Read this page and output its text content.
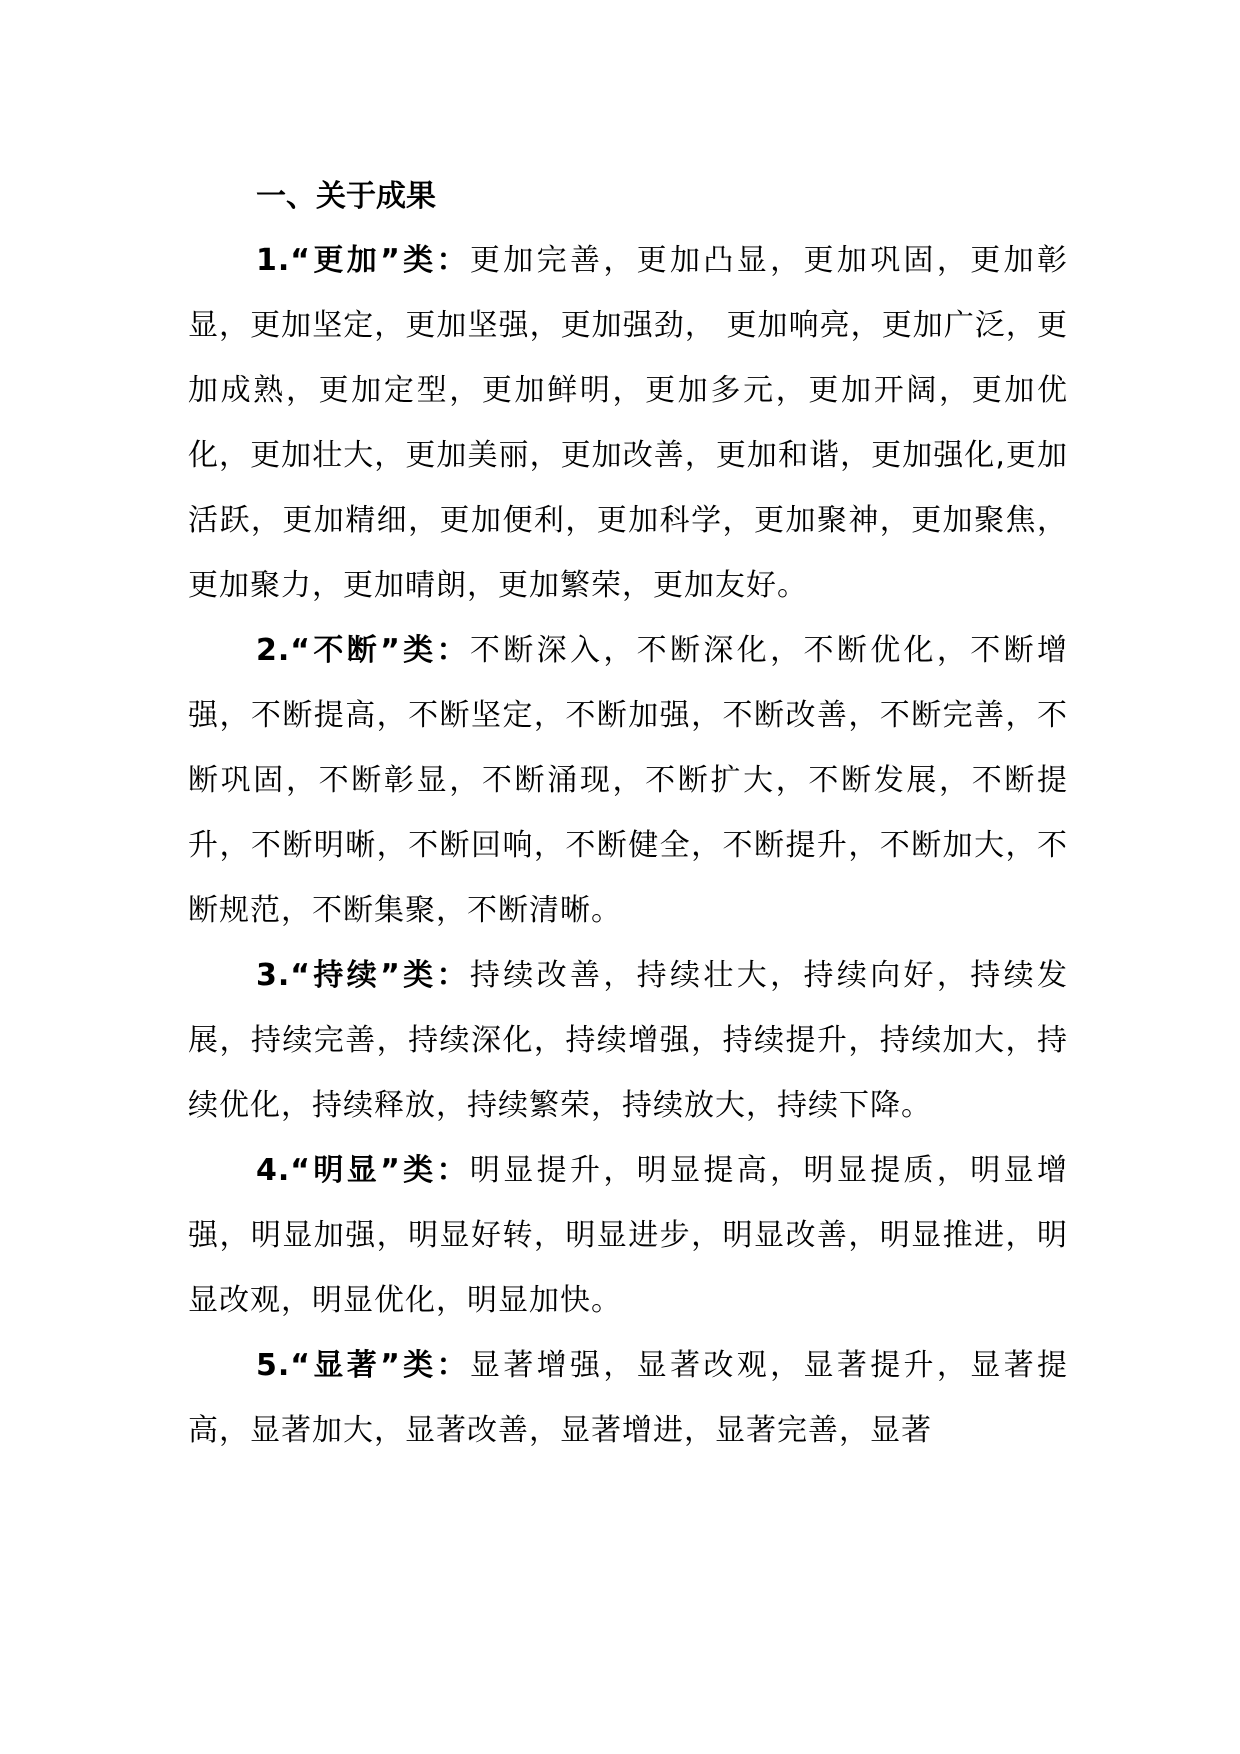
一、关于成果

1.“更加”类：更加完善，更加凸显，更加巩固，更加彰显，更加坚定，更加坚强，更加强劲， 更加响亮，更加广泛，更加成熟，更加定型，更加鲜明，更加多元，更加开阔，更加优化，更加壮大，更加美丽，更加改善，更加和谐，更加强化,更加活跃，更加精细，更加便利，更加科学，更加聚神，更加聚焦，更加聚力，更加晴朗，更加繁荣，更加友好。

2.“不断”类：不断深入，不断深化，不断优化，不断增强，不断提高，不断坚定，不断加强，不断改善，不断完善，不断巩固，不断彰显，不断涌现，不断扩大，不断发展，不断提升，不断明晰，不断回响，不断健全，不断提升，不断加大，不断规范，不断集聚，不断清晰。

3.“持续”类：持续改善，持续壮大，持续向好，持续发展，持续完善，持续深化，持续增强，持续提升，持续加大，持续优化，持续释放，持续繁荣，持续放大，持续下降。

4.“明显”类：明显提升，明显提高，明显提质，明显增强，明显加强，明显好转，明显进步，明显改善，明显推进，明显改观，明显优化，明显加快。

5.“显著”类：显著增强，显著改观，显著提升，显著提高，显著加大，显著改善，显著增进，显著完善，显著
